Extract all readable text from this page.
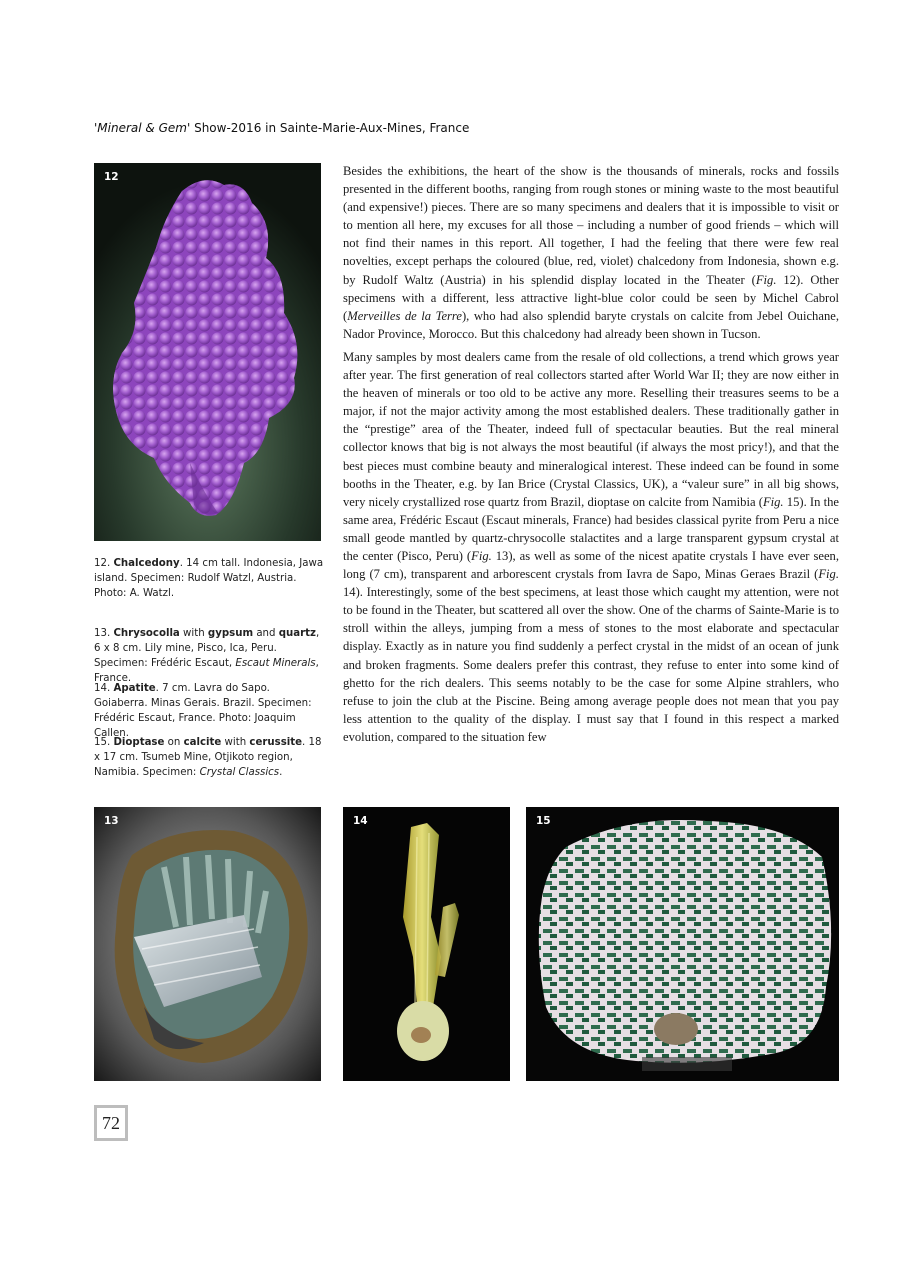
'Mineral & Gem' Show-2016 in Sainte-Marie-Aux-Mines, France
12

12. Chalcedony. 14 cm tall. Indonesia, Jawa island. Specimen: Rudolf Watzl, Austria. Photo: A. Watzl.

13. Chrysocolla with gypsum and quartz, 6 x 8 cm. Lily mine, Pisco, Ica, Peru. Specimen: Frédéric Escaut, Escaut Minerals, France.

14. Apatite. 7 cm. Lavra do Sapo. Goiaberra. Minas Gerais. Brazil. Specimen: Frédéric Escaut, France. Photo: Joaquim Callen.

15. Dioptase on calcite with cerussite. 18 x 17 cm. Tsumeb Mine, Otjikoto region, Namibia. Specimen: Crystal Classics.

Besides the exhibitions, the heart of the show is the thousands of minerals, rocks and fossils presented in the different booths, ranging from rough stones or mining waste to the most beautiful (and expensive!) pieces. There are so many specimens and dealers that it is impossible to visit or to mention all here, my excuses for all those – including a number of good friends – which will not find their names in this report. All together, I had the feeling that there were few real novelties, except perhaps the coloured (blue, red, violet) chalcedony from Indonesia, shown e.g. by Rudolf Waltz (Austria) in his splendid display located in the Theater (Fig. 12). Other specimens with a different, less attractive light-blue color could be seen by Michel Cabrol (Merveilles de la Terre), who had also splendid baryte crystals on calcite from Jebel Ouichane, Nador Province, Morocco. But this chalcedony had already been shown in Tucson.

Many samples by most dealers came from the resale of old collections, a trend which grows year after year. The first generation of real collectors started after World War II; they are now either in the heaven of minerals or too old to be active any more. Reselling their treasures seems to be a major, if not the major activity among the most established dealers. These traditionally gather in the “prestige” area of the Theater, indeed full of spectacular beauties. But the real mineral collector knows that big is not always the most beautiful (if always the most pricy!), and that the best pieces must combine beauty and mineralogical interest. These indeed can be found in some booths in the Theater, e.g. by Ian Brice (Crystal Classics, UK), a “valeur sure” in all big shows, very nicely crystallized rose quartz from Brazil, dioptase on calcite from Namibia (Fig. 15). In the same area, Frédéric Escaut (Escaut minerals, France) had besides classical pyrite from Peru a nice small geode mantled by quartz-chrysocolle stalactites and a large transparent gypsum crystal at the center (Pisco, Peru) (Fig. 13), as well as some of the nicest apatite crystals I have ever seen, long (7 cm), transparent and arborescent crystals from Iavra de Sapo, Minas Geraes Brazil (Fig. 14). Interestingly, some of the best specimens, at least those which caught my attention, were not to be found in the Theater, but scattered all over the show. One of the charms of Sainte-Marie is to stroll within the alleys, jumping from a mess of stones to the most elaborate and spectacular display. Exactly as in nature you find suddenly a perfect crystal in the midst of an ocean of junk and broken fragments. Some dealers prefer this contrast, they refuse to enter into some kind of ghetto for the rich dealers. This seems notably to be the case for some Alpine strahlers, who refuse to join the club at the Piscine. Being among average people does not mean that you pay less attention to the quality of the display. I must say that I found in this respect a marked evolution, compared to the situation few

13	14	15
72
